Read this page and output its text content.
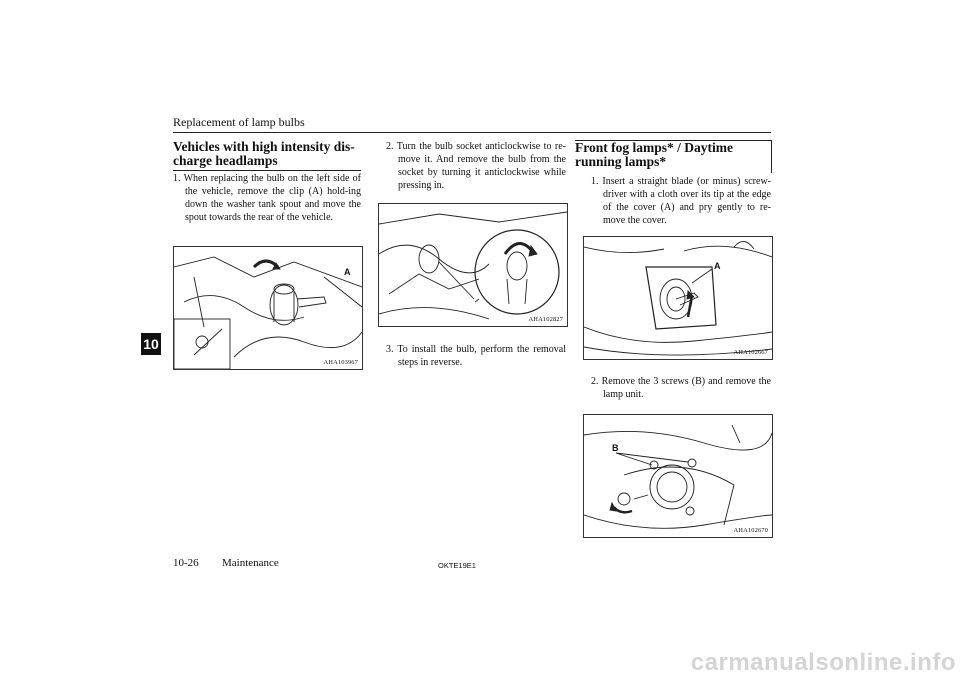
Replacement of lamp bulbs

Vehicles with high intensity dis-charge headlamps

1. When replacing the bulb on the left side of the vehicle, remove the clip (A) hold-ing down the washer tank spout and move the spout towards the rear of the vehicle.

A
AHA103967

2. Turn the bulb socket anticlockwise to re-move it. And remove the bulb from the socket by turning it anticlockwise while pressing in.

AHA102827

3. To install the bulb, perform the removal steps in reverse.

Front fog lamps* / Daytime running lamps*

1. Insert a straight blade (or minus) screw-driver with a cloth over its tip at the edge of the cover (A) and pry gently to re-move the cover.

A
AHA102667

2. Remove the 3 screws (B) and remove the lamp unit.

B
AHA102670
10
10-26 Maintenance	OKTE19E1
carmanualsonline.info
